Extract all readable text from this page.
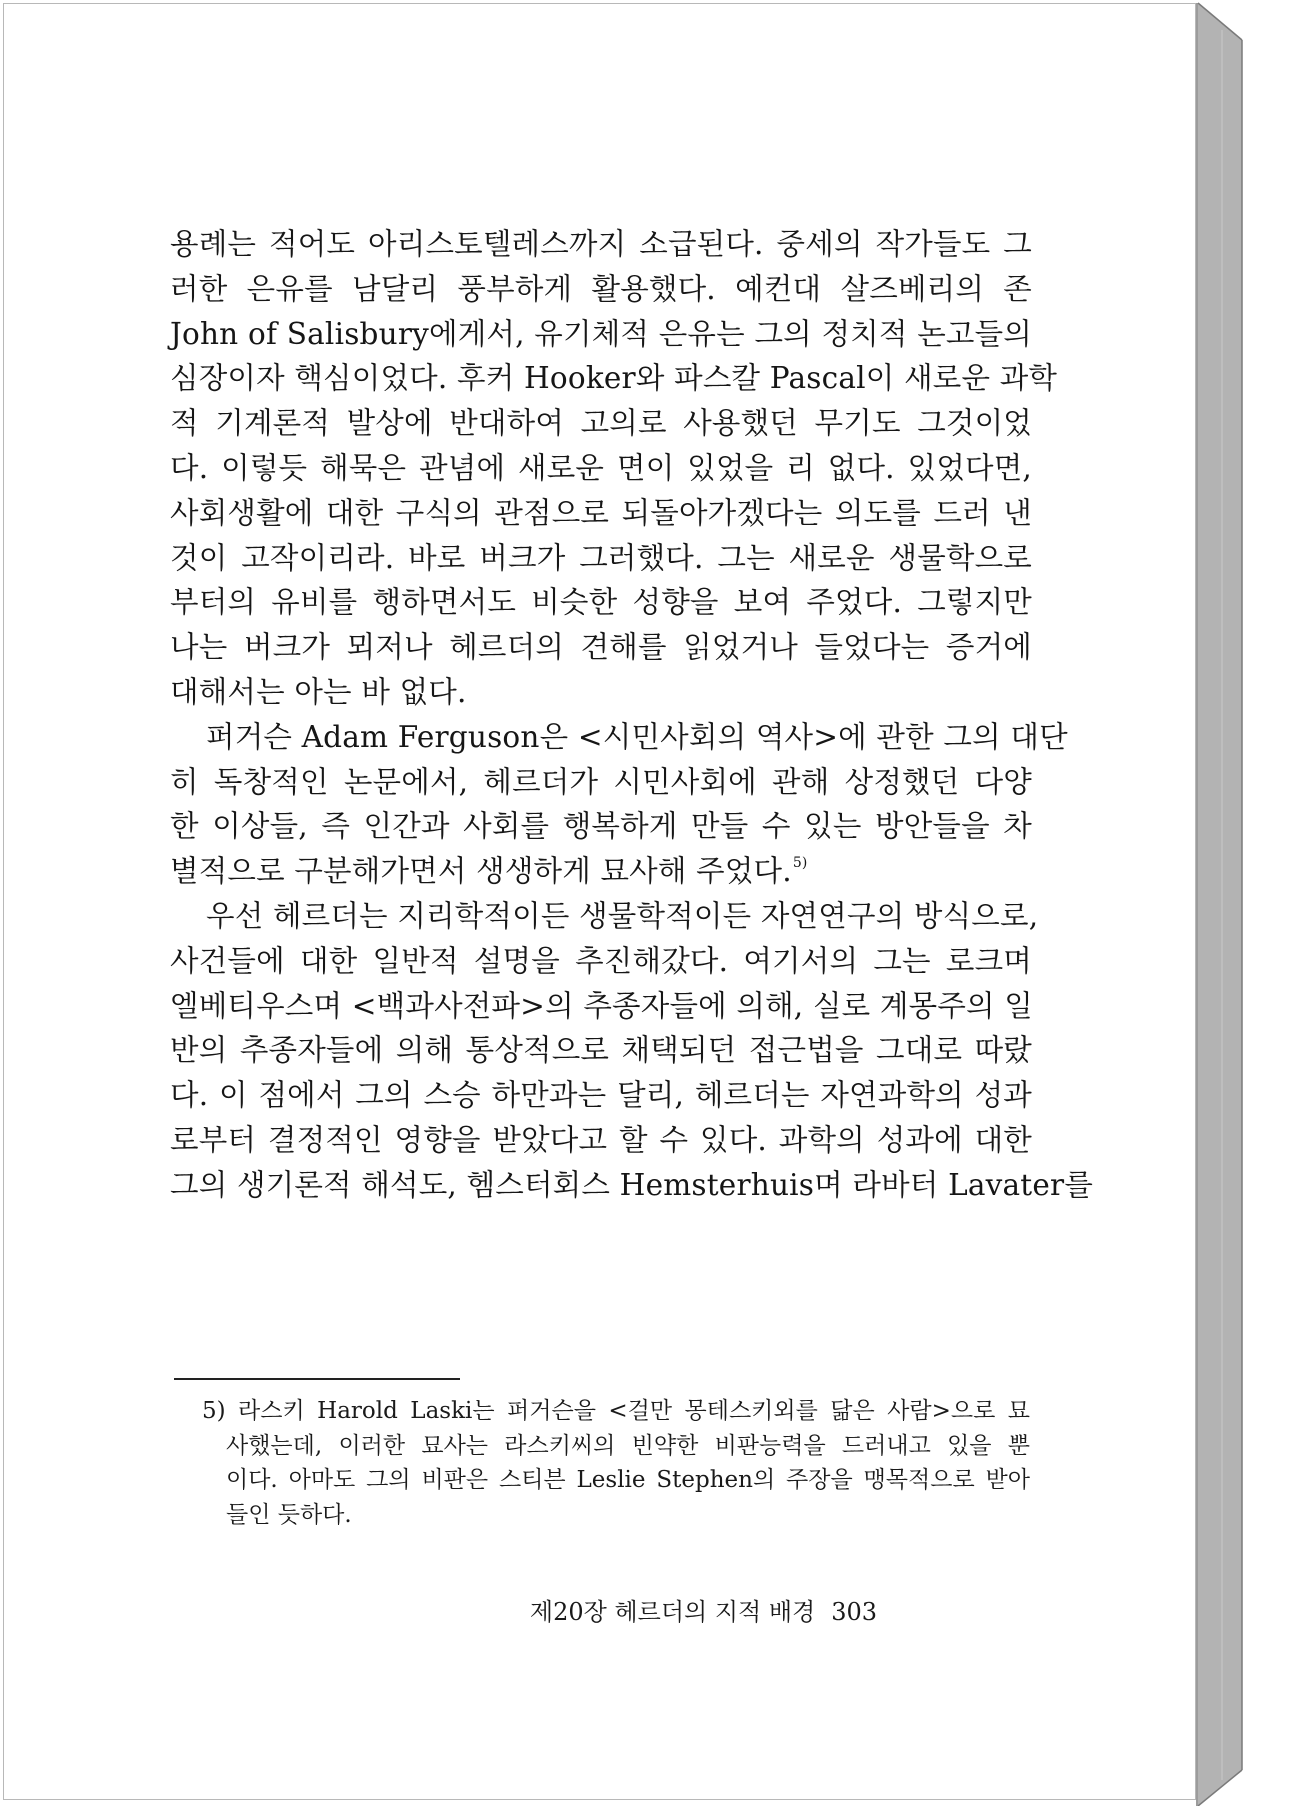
용례는 적어도 아리스토텔레스까지 소급된다. 중세의 작가들도 그
러한 은유를 남달리 풍부하게 활용했다. 예컨대 살즈베리의 존
John of Salisbury에게서, 유기체적 은유는 그의 정치적 논고들의
심장이자 핵심이었다. 후커 Hooker와 파스칼 Pascal이 새로운 과학
적 기계론적 발상에 반대하여 고의로 사용했던 무기도 그것이었
다. 이렇듯 해묵은 관념에 새로운 면이 있었을 리 없다. 있었다면,
사회생활에 대한 구식의 관점으로 되돌아가겠다는 의도를 드러 낸
것이 고작이리라. 바로 버크가 그러했다. 그는 새로운 생물학으로
부터의 유비를 행하면서도 비슷한 성향을 보여 주었다. 그렇지만
나는 버크가 뫼저나 헤르더의 견해를 읽었거나 들었다는 증거에
대해서는 아는 바 없다.
퍼거슨 Adam Ferguson은 <시민사회의 역사>에 관한 그의 대단
히 독창적인 논문에서, 헤르더가 시민사회에 관해 상정했던 다양
한 이상들, 즉 인간과 사회를 행복하게 만들 수 있는 방안들을 차
별적으로 구분해가면서 생생하게 묘사해 주었다.$^{5)}$
우선 헤르더는 지리학적이든 생물학적이든 자연연구의 방식으로,
사건들에 대한 일반적 설명을 추진해갔다. 여기서의 그는 로크며
엘베티우스며 <백과사전파>의 추종자들에 의해, 실로 계몽주의 일
반의 추종자들에 의해 통상적으로 채택되던 접근법을 그대로 따랐
다. 이 점에서 그의 스승 하만과는 달리, 헤르더는 자연과학의 성과
로부터 결정적인 영향을 받았다고 할 수 있다. 과학의 성과에 대한
그의 생기론적 해석도, 헴스터회스 Hemsterhuis며 라바터 Lavater를
5) 라스키 Harold Laski는 퍼거슨을 <걸만 몽테스키외를 닮은 사람>으로 묘
사했는데, 이러한 묘사는 라스키씨의 빈약한 비판능력을 드러내고 있을 뿐
이다. 아마도 그의 비판은 스티븐 Leslie Stephen의 주장을 맹목적으로 받아
들인 듯하다.
제20장 헤르더의 지적 배경 303
